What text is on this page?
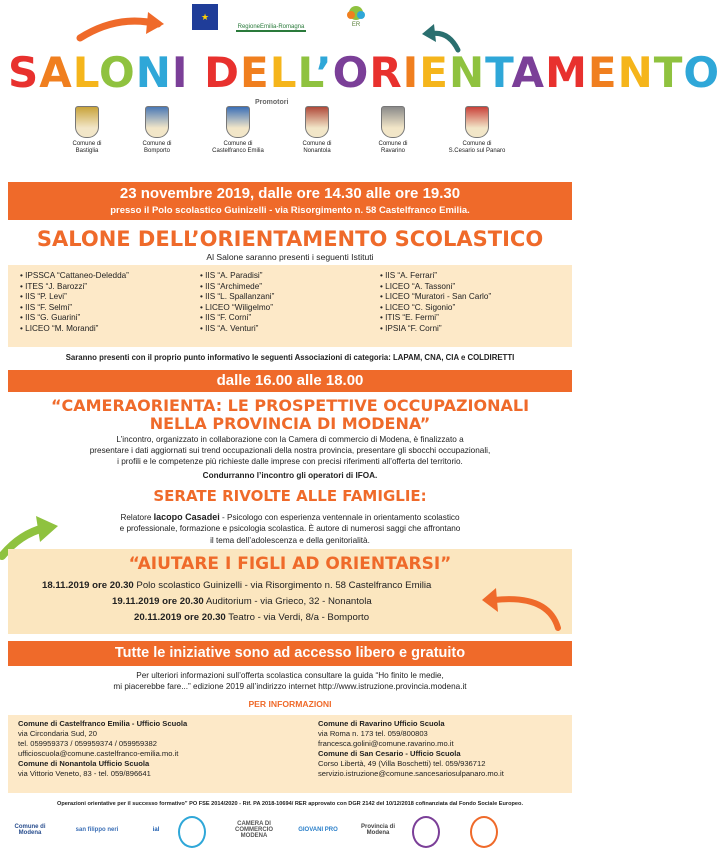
★
RegioneEmilia-Romagna	ER
SALONI DELL’ORIENTAMENTO
Promotori
Comune di
Bastiglia
Comune di
Bomporto
Comune di
Castelfranco Emilia
Comune di
Nonantola
Comune di
Ravarino
Comune di
S.Cesario sul Panaro
23 novembre 2019, dalle ore 14.30 alle ore 19.30
presso il Polo scolastico Guinizelli - via Risorgimento n. 58 Castelfranco Emilia.
SALONE DELL’ORIENTAMENTO SCOLASTICO
Al Salone saranno presenti i seguenti Istituti
• IPSSCA “Cattaneo-Deledda”
• ITES “J. Barozzi”
• IIS “P. Levi”
• IIS “F. Selmi”
• IIS “G. Guarini”
• LICEO “M. Morandi”
• IIS “A. Paradisi”
• IIS “Archimede”
• IIS “L. Spallanzani”
• LICEO “Wiligelmo”
• IIS “F. Corni”
• IIS “A. Venturi”
• IIS “A. Ferrari”
• LICEO “A. Tassoni”
• LICEO “Muratori - San Carlo”
• LICEO “C. Sigonio”
• ITIS “E. Fermi”
• IPSIA “F. Corni”
Saranno presenti con il proprio punto informativo le seguenti Associazioni di categoria: LAPAM, CNA, CIA e COLDIRETTI
dalle 16.00 alle 18.00
“CAMERAORIENTA: LE PROSPETTIVE OCCUPAZIONALI
NELLA PROVINCIA DI MODENA”
L’incontro, organizzato in collaborazione con la Camera di commercio di Modena, è finalizzato a
presentare i dati aggiornati sui trend occupazionali della nostra provincia, presentare gli sbocchi occupazionali,
i profili e le competenze più richieste dalle imprese con precisi riferimenti all’offerta del territorio.
Condurranno l’incontro gli operatori di IFOA.
SERATE RIVOLTE ALLE FAMIGLIE:
Relatore Iacopo Casadei - Psicologo con esperienza ventennale in orientamento scolastico
e professionale, formazione e psicologia scolastica. È autore di numerosi saggi che affrontano
il tema dell’adolescenza e della genitorialità.
“AIUTARE I FIGLI AD ORIENTARSI”
18.11.2019 ore 20.30 Polo scolastico Guinizelli - via Risorgimento n. 58 Castelfranco Emilia
19.11.2019 ore 20.30 Auditorium - via Grieco, 32 - Nonantola
20.11.2019 ore 20.30 Teatro - via Verdi, 8/a - Bomporto
Tutte le iniziative sono ad accesso libero e gratuito
Per ulteriori informazioni sull’offerta scolastica consultare la guida “Ho finito le medie,
mi piacerebbe fare...” edizione 2019 all’indirizzo internet http://www.istruzione.provincia.modena.it
PER INFORMAZIONI
Comune di Castelfranco Emilia - Ufficio Scuola
via Circondaria Sud, 20
tel. 059959373 / 059959374 / 059959382
ufficioscuola@comune.castelfranco-emilia.mo.it
Comune di Nonantola Ufficio Scuola
via Vittorio Veneto, 83 - tel. 059/896641
Comune di Ravarino Ufficio Scuola
via Roma n. 173 tel. 059/800803
francesca.golini@comune.ravarino.mo.it
Comune di San Cesario - Ufficio Scuola
Corso Libertà, 49 (Villa Boschetti) tel. 059/936712
servizio.istruzione@comune.sancesariosulpanaro.mo.it
Operazioni orientative per il successo formativo” PO FSE 2014/2020 - Rif. PA 2018-10694/ RER approvato con DGR 2142 del 10/12/2018 cofinanziata dal Fondo Sociale Europeo.
Comune di Modena	san filippo neri	ial
CAMERA DI COMMERCIO MODENA
GIOVANI PRO	Provincia di Modena
